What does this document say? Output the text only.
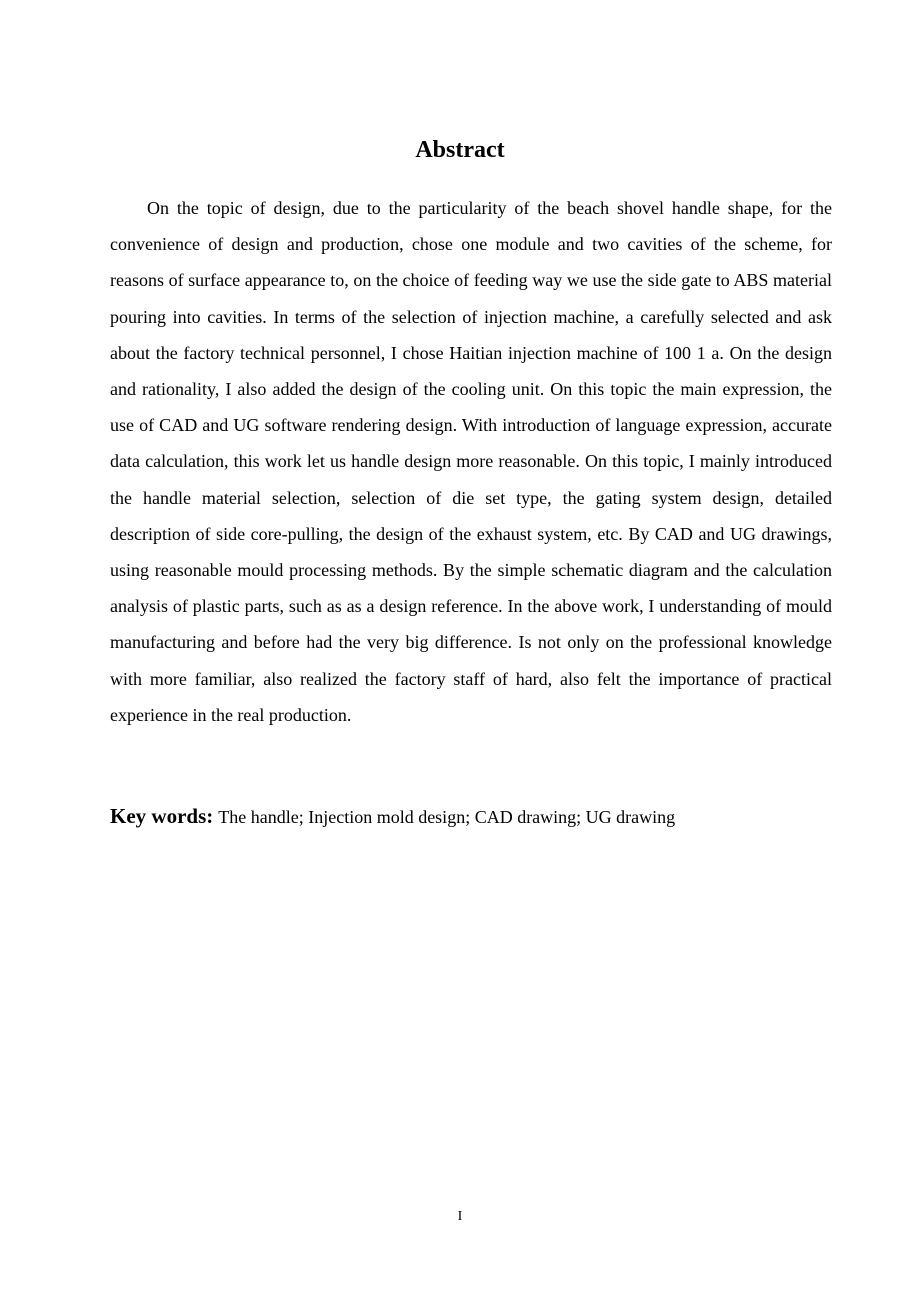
Abstract

On the topic of design, due to the particularity of the beach shovel handle shape, for the convenience of design and production, chose one module and two cavities of the scheme, for reasons of surface appearance to, on the choice of feeding way we use the side gate to ABS material pouring into cavities. In terms of the selection of injection machine, a carefully selected and ask about the factory technical personnel, I chose Haitian injection machine of 100 1 a. On the design and rationality, I also added the design of the cooling unit. On this topic the main expression, the use of CAD and UG software rendering design. With introduction of language expression, accurate data calculation, this work let us handle design more reasonable. On this topic, I mainly introduced the handle material selection, selection of die set type, the gating system design, detailed description of side core-pulling, the design of the exhaust system, etc. By CAD and UG drawings, using reasonable mould processing methods. By the simple schematic diagram and the calculation analysis of plastic parts, such as as a design reference. In the above work, I understanding of mould manufacturing and before had the very big difference. Is not only on the professional knowledge with more familiar, also realized the factory staff of hard, also felt the importance of practical experience in the real production.

Key words: The handle; Injection mold design; CAD drawing; UG drawing
I
